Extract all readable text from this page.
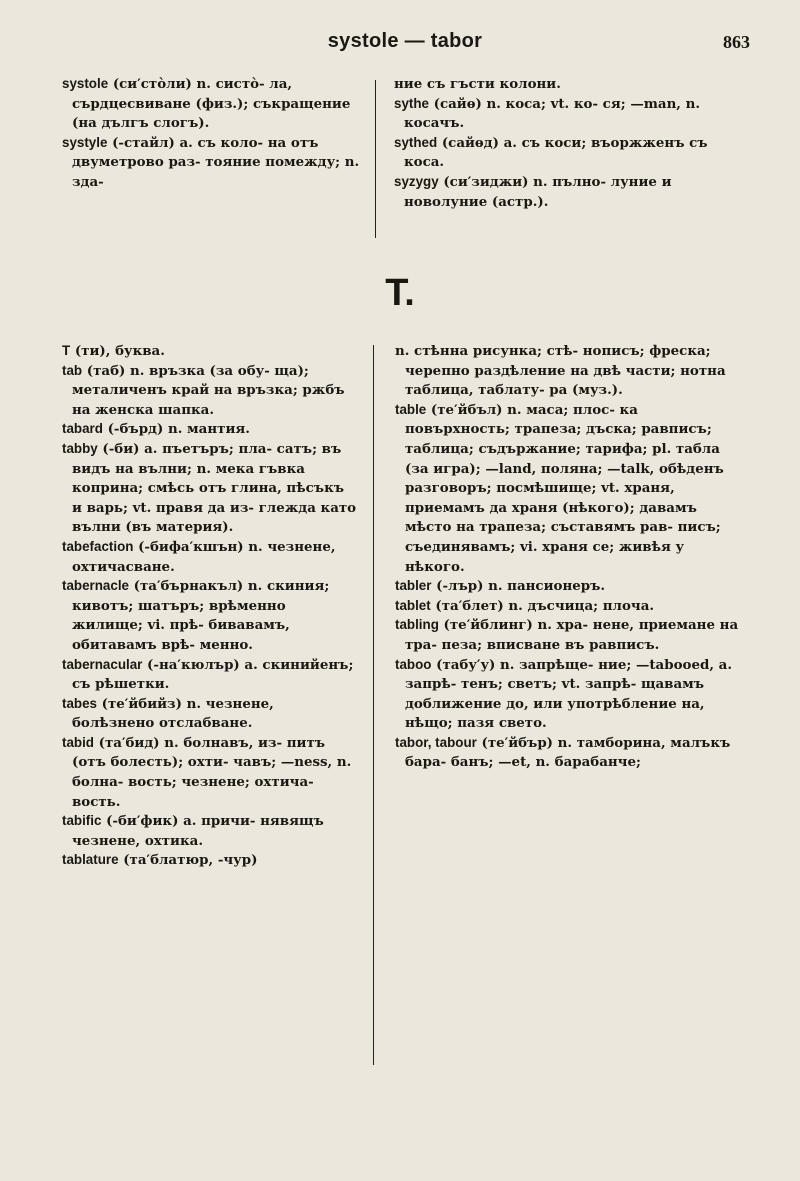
systole — tabor	863

systole (си′стòли) n. систò- ла, сърдцесвиване (физ.); съкращение (на дългъ слогъ).

systyle (-стайл) a. съ коло- на отъ двуметрово раз- тояние помежду; n. зда-

ние съ гъсти колони.

sythe (сайѳ) n. коса; vt. ко- ся; —man, n. косачъ.

sythed (сайѳд) a. съ коси; въоржженъ съ коса.

syzygy (си′зиджи) n. пълно- луние и новолуние (астр.).

T.

T (ти), буква.

tab (таб) n. връзка (за обу- ща); металиченъ край на връзка; ржбъ на женска шапка.

tabard (-бърд) n. мантия.

tabby (-би) a. пъетъръ; пла- сатъ; въ видъ на вълни; n. мека гъвка коприна; смѣсь отъ глина, пѣсъкъ и варь; vt. правя да из- глежда като вълни (въ материя).

tabefaction (-бифа′кшън) n. чезнене, охтичасване.

tabernacle (та′бърнакъл) n. скиния; кивотъ; шатъръ; врѣменно жилище; vi. прѣ- бивавамъ, обитавамъ врѣ- менно.

tabernacular (-на′кюлър) a. скинийенъ; съ рѣшетки.

tabes (те′йбийз) n. чезнене, болѣзнено отслабване.

tabid (та′бид) n. болнавъ, из- питъ (отъ болесть); охти- чавъ; —ness, n. болна- вость; чезнене; охтича- вость.

tabific (-би′фик) a. причи- нявящъ чезнене, охтика.

tablature (та′блатюр, -чур)

n. стѣнна рисунка; стѣ- нописъ; фреска; черепно раздѣление на двѣ части; нотна таблица, таблату- ра (муз.).

table (те′йбъл) n. маса; плос- ка повърхность; трапеза; дъска; равписъ; таблица; съдържание; тарифа; pl. табла (за игра); —land, поляна; —talk, обѣденъ разговоръ; посмѣшище; vt. храня, приемамъ да храня (нѣкого); давамъ мѣсто на трапеза; съставямъ рав- писъ; съединявамъ; vi. храня се; живѣя у нѣкого.

tabler (-лър) n. пансионеръ.

tablet (та′блет) n. дъсчица; плоча.

tabling (те′йблинг) n. хра- нене, приемане на тра- пеза; вписване въ равписъ.

taboo (табу′у) n. запрѣще- ние; —tabooed, a. запрѣ- тенъ; светъ; vt. запрѣ- щавамъ доближение до, или употрѣбление на, нѣщо; пазя свето.

tabor, tabour (те′йбър) n. тамборина, малъкъ бара- банъ; —et, n. барабанче;
